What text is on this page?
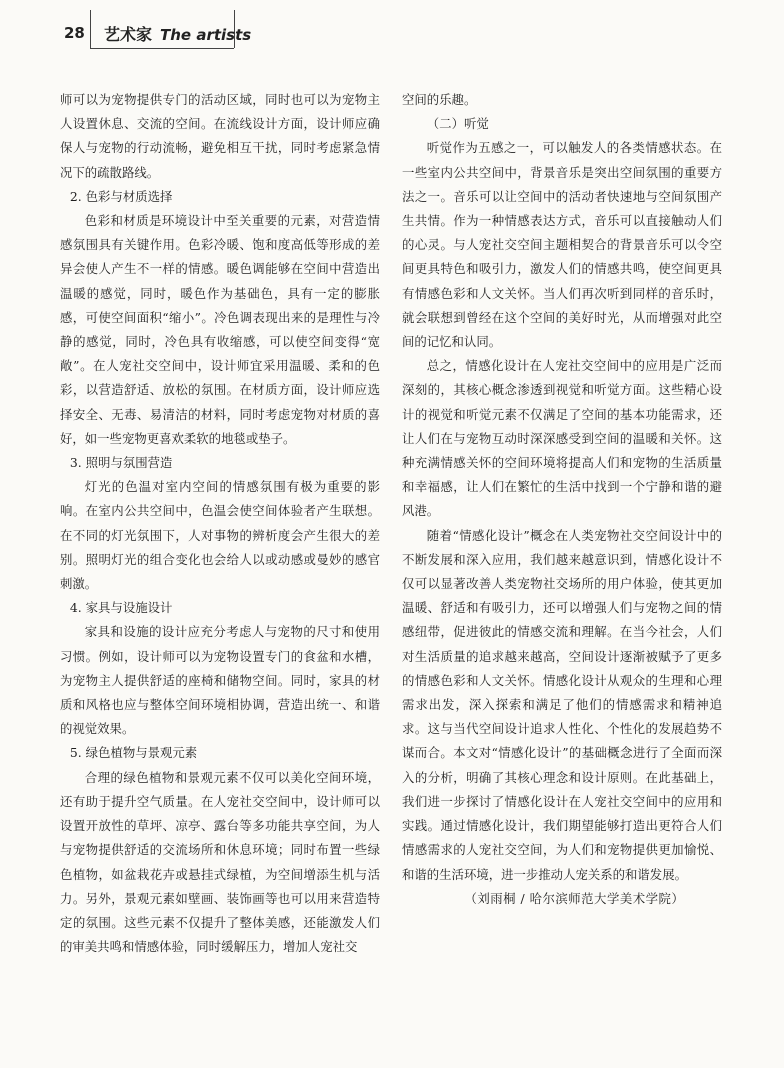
28 艺术家 The artists

师可以为宠物提供专门的活动区域，同时也可以为宠物主人设置休息、交流的空间。在流线设计方面，设计师应确保人与宠物的行动流畅，避免相互干扰，同时考虑紧急情况下的疏散路线。

2. 色彩与材质选择

色彩和材质是环境设计中至关重要的元素，对营造情感氛围具有关键作用。色彩冷暖、饱和度高低等形成的差异会使人产生不一样的情感。暖色调能够在空间中营造出温暖的感觉，同时，暖色作为基础色，具有一定的膨胀感，可使空间面积“缩小”。冷色调表现出来的是理性与冷静的感觉，同时，冷色具有收缩感，可以使空间变得“宽敞”。在人宠社交空间中，设计师宜采用温暖、柔和的色彩，以营造舒适、放松的氛围。在材质方面，设计师应选择安全、无毒、易清洁的材料，同时考虑宠物对材质的喜好，如一些宠物更喜欢柔软的地毯或垫子。

3. 照明与氛围营造

灯光的色温对室内空间的情感氛围有极为重要的影响。在室内公共空间中，色温会使空间体验者产生联想。在不同的灯光氛围下，人对事物的辨析度会产生很大的差别。照明灯光的组合变化也会给人以或动感或曼妙的感官刺激。

4. 家具与设施设计

家具和设施的设计应充分考虑人与宠物的尺寸和使用习惯。例如，设计师可以为宠物设置专门的食盆和水槽，为宠物主人提供舒适的座椅和储物空间。同时，家具的材质和风格也应与整体空间环境相协调，营造出统一、和谐的视觉效果。

5. 绿色植物与景观元素

合理的绿色植物和景观元素不仅可以美化空间环境，还有助于提升空气质量。在人宠社交空间中，设计师可以设置开放性的草坪、凉亭、露台等多功能共享空间，为人与宠物提供舒适的交流场所和休息环境；同时布置一些绿色植物，如盆栽花卉或悬挂式绿植，为空间增添生机与活力。另外，景观元素如壁画、装饰画等也可以用来营造特定的氛围。这些元素不仅提升了整体美感，还能激发人们的审美共鸣和情感体验，同时缓解压力，增加人宠社交

空间的乐趣。

（二）听觉

听觉作为五感之一，可以触发人的各类情感状态。在一些室内公共空间中，背景音乐是突出空间氛围的重要方法之一。音乐可以让空间中的活动者快速地与空间氛围产生共情。作为一种情感表达方式，音乐可以直接触动人们的心灵。与人宠社交空间主题相契合的背景音乐可以令空间更具特色和吸引力，激发人们的情感共鸣，使空间更具有情感色彩和人文关怀。当人们再次听到同样的音乐时，就会联想到曾经在这个空间的美好时光，从而增强对此空间的记忆和认同。

总之，情感化设计在人宠社交空间中的应用是广泛而深刻的，其核心概念渗透到视觉和听觉方面。这些精心设计的视觉和听觉元素不仅满足了空间的基本功能需求，还让人们在与宠物互动时深深感受到空间的温暖和关怀。这种充满情感关怀的空间环境将提高人们和宠物的生活质量和幸福感，让人们在繁忙的生活中找到一个宁静和谐的避风港。

随着“情感化设计”概念在人类宠物社交空间设计中的不断发展和深入应用，我们越来越意识到，情感化设计不仅可以显著改善人类宠物社交场所的用户体验，使其更加温暖、舒适和有吸引力，还可以增强人们与宠物之间的情感纽带，促进彼此的情感交流和理解。在当今社会，人们对生活质量的追求越来越高，空间设计逐渐被赋予了更多的情感色彩和人文关怀。情感化设计从观众的生理和心理需求出发，深入探索和满足了他们的情感需求和精神追求。这与当代空间设计追求人性化、个性化的发展趋势不谋而合。本文对“情感化设计”的基础概念进行了全面而深入的分析，明确了其核心理念和设计原则。在此基础上，我们进一步探讨了情感化设计在人宠社交空间中的应用和实践。通过情感化设计，我们期望能够打造出更符合人们情感需求的人宠社交空间，为人们和宠物提供更加愉悦、和谐的生活环境，进一步推动人宠关系的和谐发展。

（刘雨桐 / 哈尔滨师范大学美术学院）
